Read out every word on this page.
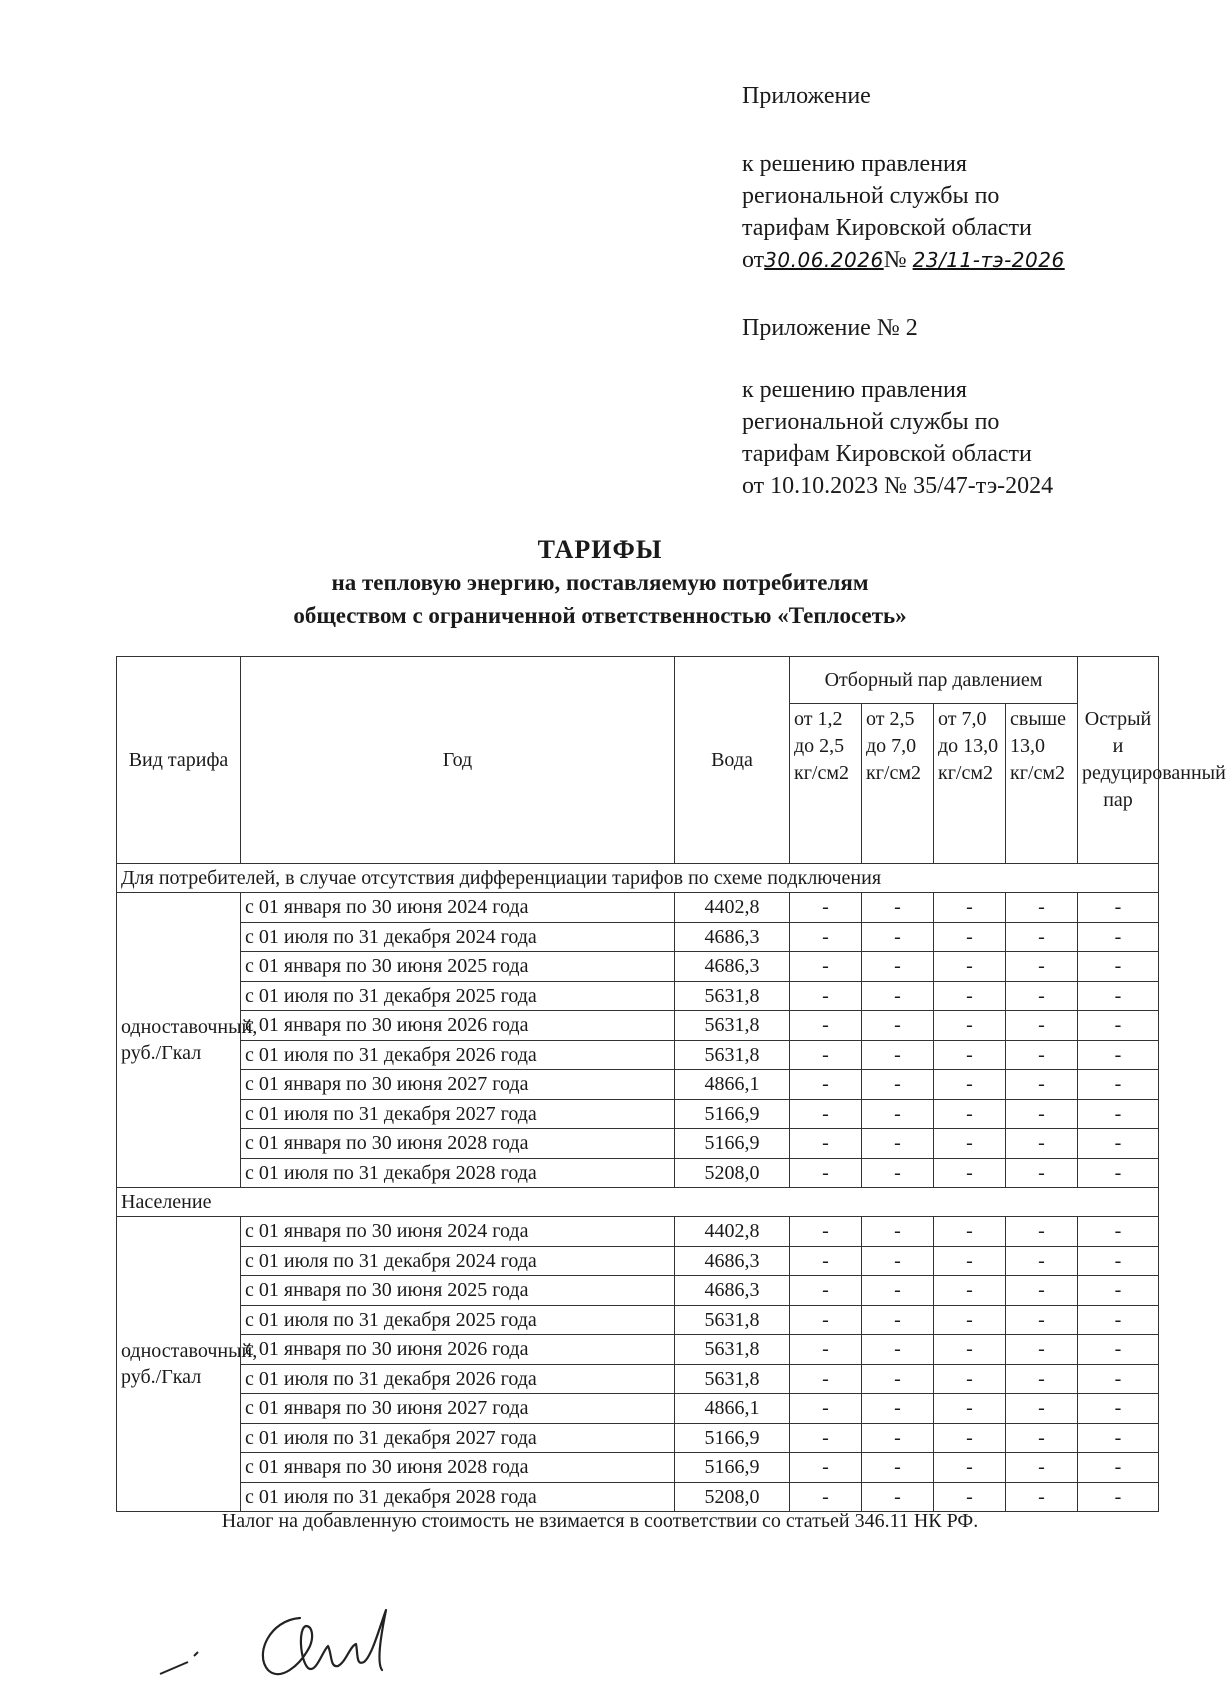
Приложение
к решению правления
региональной службы по
тарифам Кировской области
от30.06.2026№ 23/11-тэ-2026
Приложение № 2
к решению правления
региональной службы по
тарифам Кировской области
от 10.10.2023 № 35/47-тэ-2024
ТАРИФЫ
на тепловую энергию, поставляемую потребителям
обществом с ограниченной ответственностью «Теплосеть»
Вид тарифа	Год	Вода	Отборный пар давлением				Острый и редуцированный пар
			от 1,2 до 2,5 кг/см2	от 2,5 до 7,0 кг/см2	от 7,0 до 13,0 кг/см2	свыше 13,0 кг/см2	
Для потребителей, в случае отсутствия дифференциации тарифов по схеме подключения							
одноставочный, руб./Гкал	с 01 января по 30 июня 2024 года	4402,8	-	-	-	-	-
	с 01 июля по 31 декабря 2024 года	4686,3	-	-	-	-	-
	с 01 января по 30 июня 2025 года	4686,3	-	-	-	-	-
	с 01 июля по 31 декабря 2025 года	5631,8	-	-	-	-	-
	с 01 января по 30 июня 2026 года	5631,8	-	-	-	-	-
	с 01 июля по 31 декабря 2026 года	5631,8	-	-	-	-	-
	с 01 января по 30 июня 2027 года	4866,1	-	-	-	-	-
	с 01 июля по 31 декабря 2027 года	5166,9	-	-	-	-	-
	с 01 января по 30 июня 2028 года	5166,9	-	-	-	-	-
	с 01 июля по 31 декабря 2028 года	5208,0	-	-	-	-	-
Население							
одноставочный, руб./Гкал	с 01 января по 30 июня 2024 года	4402,8	-	-	-	-	-
	с 01 июля по 31 декабря 2024 года	4686,3	-	-	-	-	-
	с 01 января по 30 июня 2025 года	4686,3	-	-	-	-	-
	с 01 июля по 31 декабря 2025 года	5631,8	-	-	-	-	-
	с 01 января по 30 июня 2026 года	5631,8	-	-	-	-	-
	с 01 июля по 31 декабря 2026 года	5631,8	-	-	-	-	-
	с 01 января по 30 июня 2027 года	4866,1	-	-	-	-	-
	с 01 июля по 31 декабря 2027 года	5166,9	-	-	-	-	-
	с 01 января по 30 июня 2028 года	5166,9	-	-	-	-	-
	с 01 июля по 31 декабря 2028 года	5208,0	-	-	-	-	-
Налог на добавленную стоимость не взимается в соответствии со статьей 346.11 НК РФ.
